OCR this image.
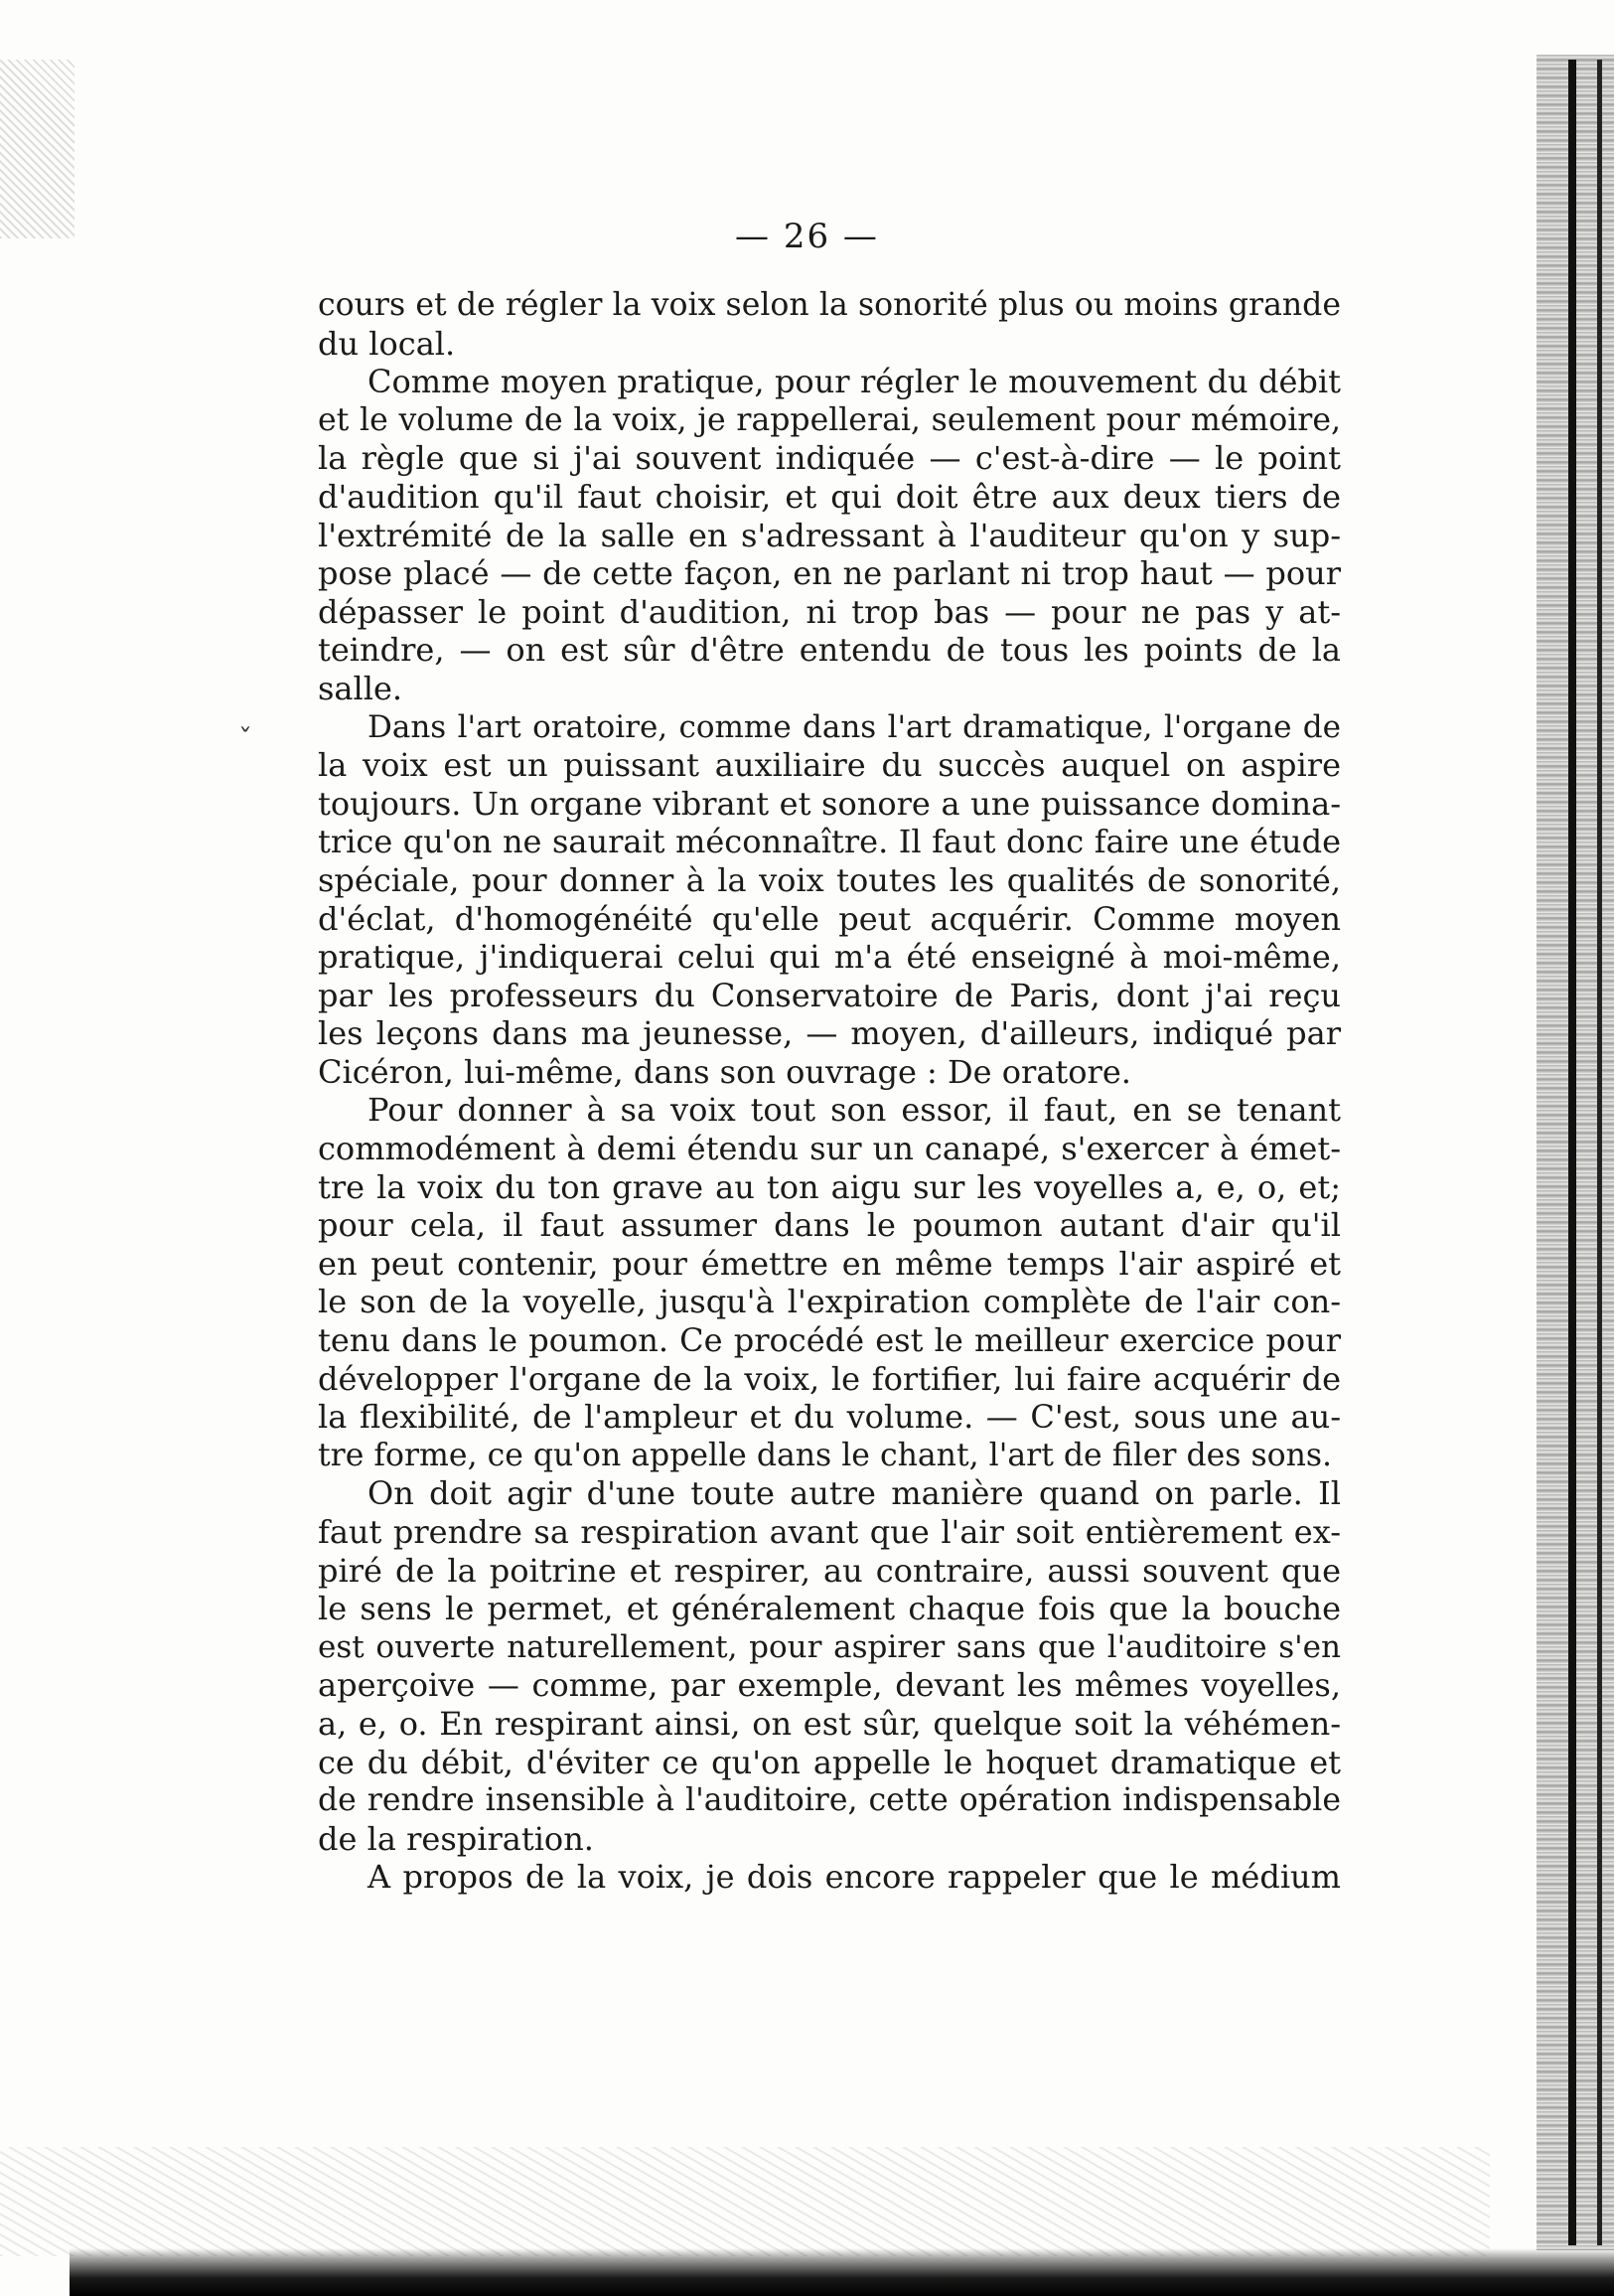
— 26 —
ˇ
cours et de régler la voix selon la sonorité plus ou moins grande
du local.
Comme moyen pratique, pour régler le mouvement du débit
et le volume de la voix, je rappellerai, seulement pour mémoire,
la règle que si j'ai souvent indiquée — c'est-à-dire — le point
d'audition qu'il faut choisir, et qui doit être aux deux tiers de
l'extrémité de la salle en s'adressant à l'auditeur qu'on y sup-
pose placé — de cette façon, en ne parlant ni trop haut — pour
dépasser le point d'audition, ni trop bas — pour ne pas y at-
teindre, — on est sûr d'être entendu de tous les points de la
salle.
Dans l'art oratoire, comme dans l'art dramatique, l'organe de
la voix est un puissant auxiliaire du succès auquel on aspire
toujours. Un organe vibrant et sonore a une puissance domina-
trice qu'on ne saurait méconnaître. Il faut donc faire une étude
spéciale, pour donner à la voix toutes les qualités de sonorité,
d'éclat, d'homogénéité qu'elle peut acquérir. Comme moyen
pratique, j'indiquerai celui qui m'a été enseigné à moi-même,
par les professeurs du Conservatoire de Paris, dont j'ai reçu
les leçons dans ma jeunesse, — moyen, d'ailleurs, indiqué par
Cicéron, lui-même, dans son ouvrage : De oratore.
Pour donner à sa voix tout son essor, il faut, en se tenant
commodément à demi étendu sur un canapé, s'exercer à émet-
tre la voix du ton grave au ton aigu sur les voyelles a, e, o, et;
pour cela, il faut assumer dans le poumon autant d'air qu'il
en peut contenir, pour émettre en même temps l'air aspiré et
le son de la voyelle, jusqu'à l'expiration complète de l'air con-
tenu dans le poumon. Ce procédé est le meilleur exercice pour
développer l'organe de la voix, le fortifier, lui faire acquérir de
la flexibilité, de l'ampleur et du volume. — C'est, sous une au-
tre forme, ce qu'on appelle dans le chant, l'art de filer des sons.
On doit agir d'une toute autre manière quand on parle. Il
faut prendre sa respiration avant que l'air soit entièrement ex-
piré de la poitrine et respirer, au contraire, aussi souvent que
le sens le permet, et généralement chaque fois que la bouche
est ouverte naturellement, pour aspirer sans que l'auditoire s'en
aperçoive — comme, par exemple, devant les mêmes voyelles,
a, e, o. En respirant ainsi, on est sûr, quelque soit la véhémen-
ce du débit, d'éviter ce qu'on appelle le hoquet dramatique et
de rendre insensible à l'auditoire, cette opération indispensable
de la respiration.
A propos de la voix, je dois encore rappeler que le médium
